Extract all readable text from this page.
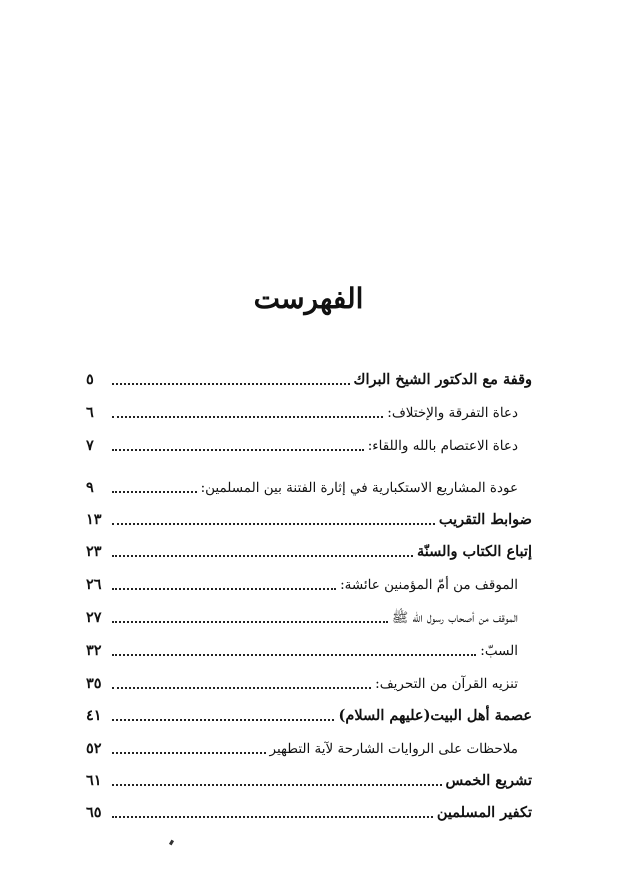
الفهرست
وقفة مع الدكتور الشيخ البراك
٥
دعاة التفرقة والإختلاف:
٦
دعاة الاعتصام بالله واللقاء:
٧
عودة المشاريع الاستكبارية في إثارة الفتنة بين المسلمين:
٩
ضوابط التقريب
١٣
إتباع الكتاب والسنّة
٢٣
الموقف من أمّ المؤمنين عائشة:
٢٦
الموقف من أصحاب رسول الله ﷺ
٢٧
السبّ:
٣٢
تنزيه القرآن من التحريف:
٣٥
عصمة أهل البيت(عليهم السلام)
٤١
ملاحظات على الروايات الشارحة لآية التطهير
٥٢
تشريع الخمس
٦١
تكفير المسلمين
٦٥
